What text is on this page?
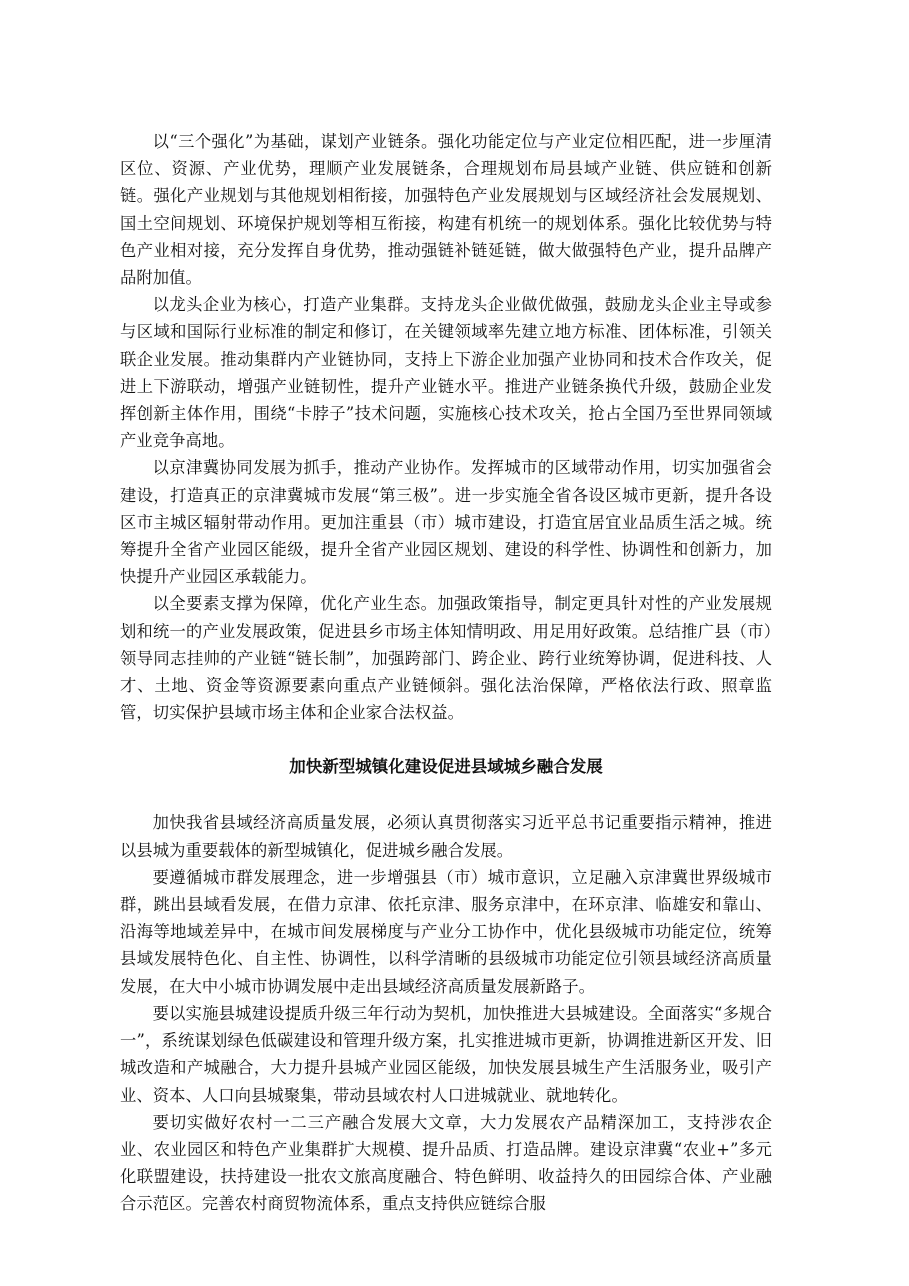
以“三个强化”为基础，谋划产业链条。强化功能定位与产业定位相匹配，进一步厘清区位、资源、产业优势，理顺产业发展链条，合理规划布局县域产业链、供应链和创新链。强化产业规划与其他规划相衔接，加强特色产业发展规划与区域经济社会发展规划、国土空间规划、环境保护规划等相互衔接，构建有机统一的规划体系。强化比较优势与特色产业相对接，充分发挥自身优势，推动强链补链延链，做大做强特色产业，提升品牌产品附加值。

以龙头企业为核心，打造产业集群。支持龙头企业做优做强，鼓励龙头企业主导或参与区域和国际行业标准的制定和修订，在关键领域率先建立地方标准、团体标准，引领关联企业发展。推动集群内产业链协同，支持上下游企业加强产业协同和技术合作攻关，促进上下游联动，增强产业链韧性，提升产业链水平。推进产业链条换代升级，鼓励企业发挥创新主体作用，围绕“卡脖子”技术问题，实施核心技术攻关，抢占全国乃至世界同领域产业竞争高地。

以京津冀协同发展为抓手，推动产业协作。发挥城市的区域带动作用，切实加强省会建设，打造真正的京津冀城市发展“第三极”。进一步实施全省各设区城市更新，提升各设区市主城区辐射带动作用。更加注重县（市）城市建设，打造宜居宜业品质生活之城。统筹提升全省产业园区能级，提升全省产业园区规划、建设的科学性、协调性和创新力，加快提升产业园区承载能力。

以全要素支撑为保障，优化产业生态。加强政策指导，制定更具针对性的产业发展规划和统一的产业发展政策，促进县乡市场主体知情明政、用足用好政策。总结推广县（市）领导同志挂帅的产业链“链长制”，加强跨部门、跨企业、跨行业统筹协调，促进科技、人才、土地、资金等资源要素向重点产业链倾斜。强化法治保障，严格依法行政、照章监管，切实保护县域市场主体和企业家合法权益。

加快新型城镇化建设促进县域城乡融合发展

加快我省县域经济高质量发展，必须认真贯彻落实习近平总书记重要指示精神，推进以县城为重要载体的新型城镇化，促进城乡融合发展。

要遵循城市群发展理念，进一步增强县（市）城市意识，立足融入京津冀世界级城市群，跳出县域看发展，在借力京津、依托京津、服务京津中，在环京津、临雄安和靠山、沿海等地域差异中，在城市间发展梯度与产业分工协作中，优化县级城市功能定位，统筹县域发展特色化、自主性、协调性，以科学清晰的县级城市功能定位引领县域经济高质量发展，在大中小城市协调发展中走出县域经济高质量发展新路子。

要以实施县城建设提质升级三年行动为契机，加快推进大县城建设。全面落实“多规合一”，系统谋划绿色低碳建设和管理升级方案，扎实推进城市更新，协调推进新区开发、旧城改造和产城融合，大力提升县城产业园区能级，加快发展县城生产生活服务业，吸引产业、资本、人口向县城聚集，带动县域农村人口进城就业、就地转化。

要切实做好农村一二三产融合发展大文章，大力发展农产品精深加工，支持涉农企业、农业园区和特色产业集群扩大规模、提升品质、打造品牌。建设京津冀“农业+”多元化联盟建设，扶持建设一批农文旅高度融合、特色鲜明、收益持久的田园综合体、产业融合示范区。完善农村商贸物流体系，重点支持供应链综合服
